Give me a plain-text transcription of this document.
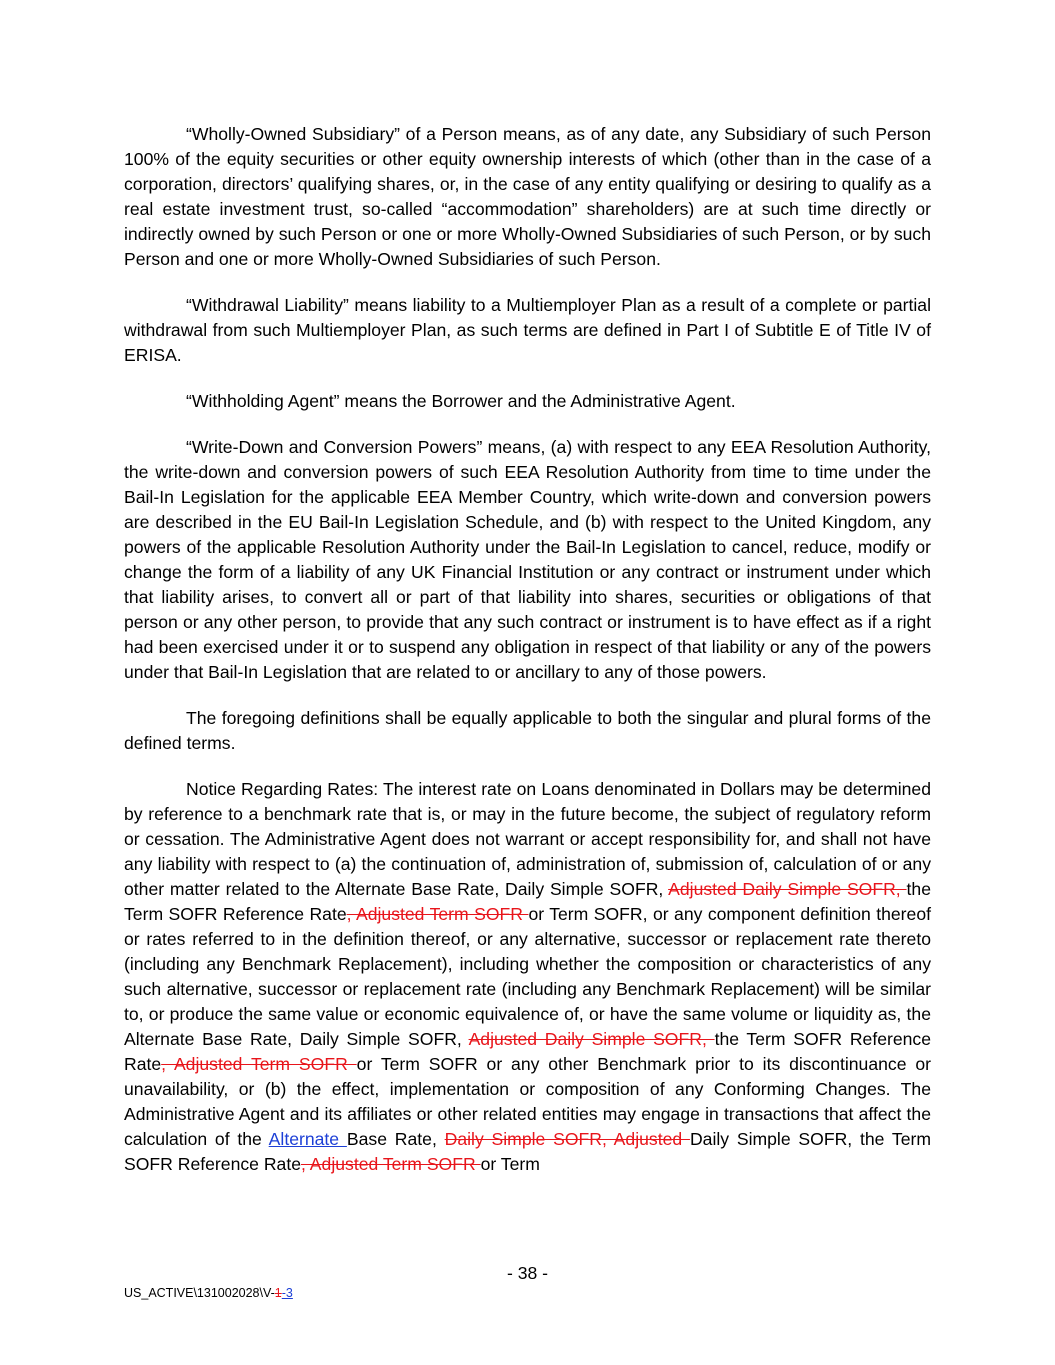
“Wholly-Owned Subsidiary” of a Person means, as of any date, any Subsidiary of such Person 100% of the equity securities or other equity ownership interests of which (other than in the case of a corporation, directors’ qualifying shares, or, in the case of any entity qualifying or desiring to qualify as a real estate investment trust, so-called “accommodation” shareholders) are at such time directly or indirectly owned by such Person or one or more Wholly-Owned Subsidiaries of such Person, or by such Person and one or more Wholly-Owned Subsidiaries of such Person.

“Withdrawal Liability” means liability to a Multiemployer Plan as a result of a complete or partial withdrawal from such Multiemployer Plan, as such terms are defined in Part I of Subtitle E of Title IV of ERISA.

“Withholding Agent” means the Borrower and the Administrative Agent.

“Write-Down and Conversion Powers” means, (a) with respect to any EEA Resolution Authority, the write-down and conversion powers of such EEA Resolution Authority from time to time under the Bail-In Legislation for the applicable EEA Member Country, which write-down and conversion powers are described in the EU Bail-In Legislation Schedule, and (b) with respect to the United Kingdom, any powers of the applicable Resolution Authority under the Bail-In Legislation to cancel, reduce, modify or change the form of a liability of any UK Financial Institution or any contract or instrument under which that liability arises, to convert all or part of that liability into shares, securities or obligations of that person or any other person, to provide that any such contract or instrument is to have effect as if a right had been exercised under it or to suspend any obligation in respect of that liability or any of the powers under that Bail-In Legislation that are related to or ancillary to any of those powers.

The foregoing definitions shall be equally applicable to both the singular and plural forms of the defined terms.

Notice Regarding Rates: The interest rate on Loans denominated in Dollars may be determined by reference to a benchmark rate that is, or may in the future become, the subject of regulatory reform or cessation. The Administrative Agent does not warrant or accept responsibility for, and shall not have any liability with respect to (a) the continuation of, administration of, submission of, calculation of or any other matter related to the Alternate Base Rate, Daily Simple SOFR, Adjusted Daily Simple SOFR, the Term SOFR Reference Rate, Adjusted Term SOFR or Term SOFR, or any component definition thereof or rates referred to in the definition thereof, or any alternative, successor or replacement rate thereto (including any Benchmark Replacement), including whether the composition or characteristics of any such alternative, successor or replacement rate (including any Benchmark Replacement) will be similar to, or produce the same value or economic equivalence of, or have the same volume or liquidity as, the Alternate Base Rate, Daily Simple SOFR, Adjusted Daily Simple SOFR, the Term SOFR Reference Rate, Adjusted Term SOFR or Term SOFR or any other Benchmark prior to its discontinuance or unavailability, or (b) the effect, implementation or composition of any Conforming Changes. The Administrative Agent and its affiliates or other related entities may engage in transactions that affect the calculation of the Alternate Base Rate, Daily Simple SOFR, Adjusted Daily Simple SOFR, the Term SOFR Reference Rate, Adjusted Term SOFR or Term

- 38 -
US_ACTIVE\131002028\V-1-3
